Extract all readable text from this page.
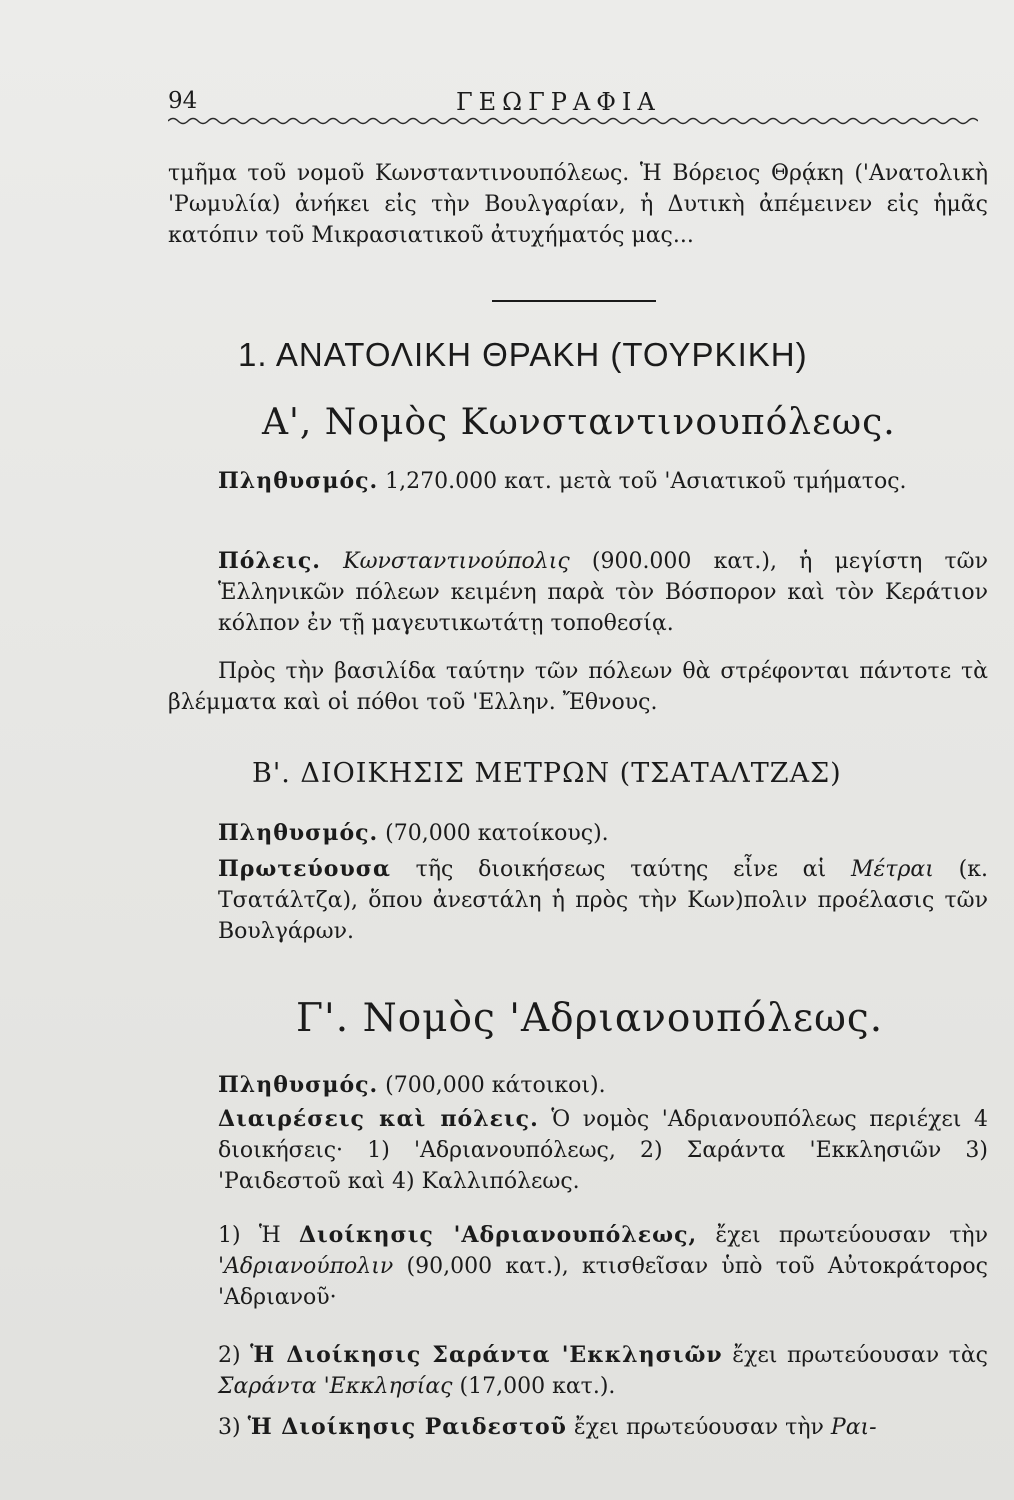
94	ΓΕΩΓΡΑΦΙΑ
τμῆμα τοῦ νομοῦ Κωνσταντινουπόλεως. Ἡ Βόρειος Θρᾴκη ('Ανατολικὴ 'Ρωμυλία) ἀνήκει εἰς τὴν Βουλγαρίαν, ἡ Δυτικὴ ἀπέμεινεν εἰς ἡμᾶς κατόπιν τοῦ Μικρασιατικοῦ ἀτυχήματός μας...
1. ΑΝΑΤΟΛΙΚΗ ΘΡΑΚΗ (ΤΟΥΡΚΙΚΗ)
Α', Νομὸς Κωνσταντινουπόλεως.
Πληθυσμός. 1,270.000 κατ. μετὰ τοῦ 'Ασιατικοῦ τμήματος.
Πόλεις. Κωνσταντινούπολις (900.000 κατ.), ἡ μεγίστη τῶν Ἑλληνικῶν πόλεων κειμένη παρὰ τὸν Βόσπορον καὶ τὸν Κεράτιον κόλπον ἐν τῇ μαγευτικωτάτῃ τοποθεσίᾳ.
Πρὸς τὴν βασιλίδα ταύτην τῶν πόλεων θὰ στρέφονται πάντοτε τὰ βλέμματα καὶ οἱ πόθοι τοῦ 'Ελλην. Ἔθνους.
Β'. ΔΙΟΙΚΗΣΙΣ ΜΕΤΡΩΝ (ΤΣΑΤΑΛΤΖΑΣ)
Πληθυσμός. (70,000 κατοίκους).
Πρωτεύουσα τῆς διοικήσεως ταύτης εἶνε αἱ Μέτραι (κ. Τσατάλτζα), ὅπου ἀνεστάλη ἡ πρὸς τὴν Κων)πολιν προέλασις τῶν Βουλγάρων.
Γ'. Νομὸς 'Αδριανουπόλεως.
Πληθυσμός. (700,000 κάτοικοι).
Διαιρέσεις καὶ πόλεις. Ὁ νομὸς 'Αδριανουπόλεως περιέχει 4 διοικήσεις· 1) 'Αδριανουπόλεως, 2) Σαράντα 'Εκκλησιῶν 3) 'Ραιδεστοῦ καὶ 4) Καλλιπόλεως.
1) Ἡ Διοίκησις 'Αδριανουπόλεως, ἔχει πρωτεύουσαν τὴν 'Αδριανούπολιν (90,000 κατ.), κτισθεῖσαν ὑπὸ τοῦ Αὐτοκράτορος 'Αδριανοῦ·
2) Ἡ Διοίκησις Σαράντα 'Εκκλησιῶν ἔχει πρωτεύουσαν τὰς Σαράντα 'Εκκλησίας (17,000 κατ.).
3) Ἡ Διοίκησις Ραιδεστοῦ ἔχει πρωτεύουσαν τὴν Ραι-
